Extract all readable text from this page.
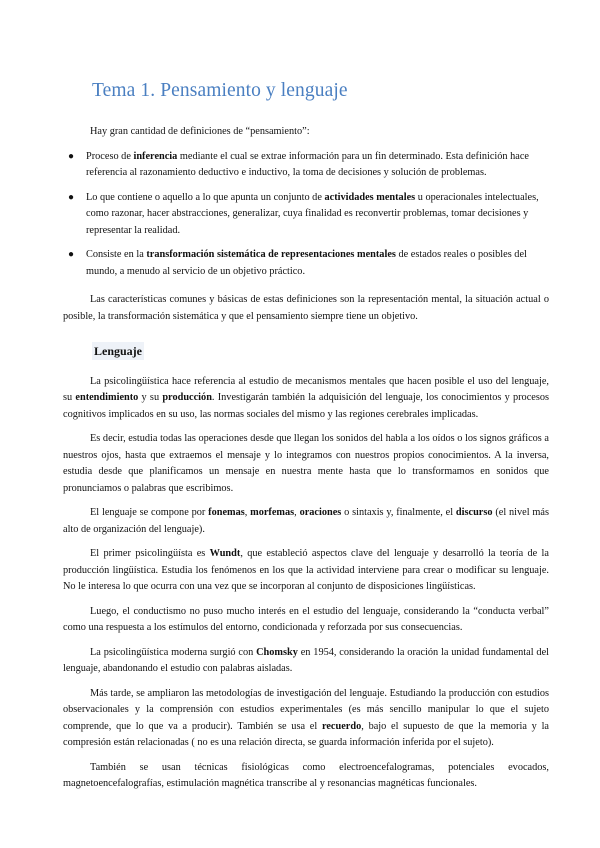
Tema 1. Pensamiento y lenguaje

Hay gran cantidad de definiciones de “pensamiento”:

● Proceso de inferencia mediante el cual se extrae información para un fin determinado. Esta definición hace referencia al razonamiento deductivo e inductivo, la toma de decisiones y solución de problemas.
● Lo que contiene o aquello a lo que apunta un conjunto de actividades mentales u operacionales intelectuales, como razonar, hacer abstracciones, generalizar, cuya finalidad es reconvertir problemas, tomar decisiones y representar la realidad.
● Consiste en la transformación sistemática de representaciones mentales de estados reales o posibles del mundo, a menudo al servicio de un objetivo práctico.

Las características comunes y básicas de estas definiciones son la representación mental, la situación actual o posible, la transformación sistemática y que el pensamiento siempre tiene un objetivo.

Lenguaje

La psicolingüística hace referencia al estudio de mecanismos mentales que hacen posible el uso del lenguaje, su entendimiento y su producción. Investigarán también la adquisición del lenguaje, los conocimientos y procesos cognitivos implicados en su uso, las normas sociales del mismo y las regiones cerebrales implicadas.

Es decir, estudia todas las operaciones desde que llegan los sonidos del habla a los oídos o los signos gráficos a nuestros ojos, hasta que extraemos el mensaje y lo integramos con nuestros propios conocimientos. A la inversa, estudia desde que planificamos un mensaje en nuestra mente hasta que lo transformamos en sonidos que pronunciamos o palabras que escribimos.

El lenguaje se compone por fonemas, morfemas, oraciones o sintaxis y, finalmente, el discurso (el nivel más alto de organización del lenguaje).

El primer psicolingüísta es Wundt, que estableció aspectos clave del lenguaje y desarrolló la teoría de la producción lingüística. Estudia los fenómenos en los que la actividad interviene para crear o modificar su lenguaje. No le interesa lo que ocurra con una vez que se incorporan al conjunto de disposiciones lingüísticas.

Luego, el conductismo no puso mucho interés en el estudio del lenguaje, considerando la “conducta verbal” como una respuesta a los estímulos del entorno, condicionada y reforzada por sus consecuencias.

La psicolingüística moderna surgió con Chomsky en 1954, considerando la oración la unidad fundamental del lenguaje, abandonando el estudio con palabras aisladas.

Más tarde, se ampliaron las metodologías de investigación del lenguaje. Estudiando la producción con estudios observacionales y la comprensión con estudios experimentales (es más sencillo manipular lo que el sujeto comprende, que lo que va a producir). También se usa el recuerdo, bajo el supuesto de que la memoria y la compresión están relacionadas ( no es una relación directa, se guarda información inferida por el sujeto).

También se usan técnicas fisiológicas como electroencefalogramas, potenciales evocados, magnetoencefalografías, estimulación magnética transcribe al y resonancias magnéticas funcionales.
